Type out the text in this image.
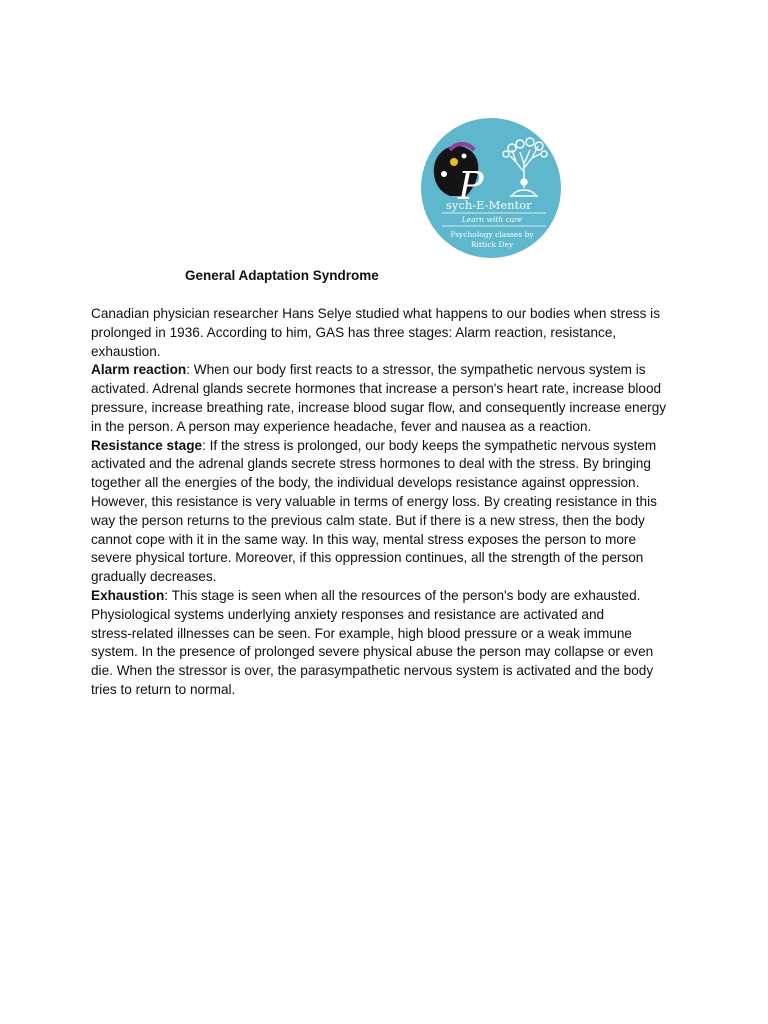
P
sych-E-Mentor
Learn with care
Psychology classes by
Rittick Dey
General Adaptation Syndrome

Canadian physician researcher Hans Selye studied what happens to our bodies when stress is
prolonged in 1936. According to him, GAS has three stages: Alarm reaction, resistance,
exhaustion.

Alarm reaction: When our body first reacts to a stressor, the sympathetic nervous system is
activated. Adrenal glands secrete hormones that increase a person's heart rate, increase blood
pressure, increase breathing rate, increase blood sugar flow, and consequently increase energy
in the person. A person may experience headache, fever and nausea as a reaction.

Resistance stage: If the stress is prolonged, our body keeps the sympathetic nervous system
activated and the adrenal glands secrete stress hormones to deal with the stress. By bringing
together all the energies of the body, the individual develops resistance against oppression.
However, this resistance is very valuable in terms of energy loss. By creating resistance in this
way the person returns to the previous calm state. But if there is a new stress, then the body
cannot cope with it in the same way. In this way, mental stress exposes the person to more
severe physical torture. Moreover, if this oppression continues, all the strength of the person
gradually decreases.

Exhaustion: This stage is seen when all the resources of the person's body are exhausted.
Physiological systems underlying anxiety responses and resistance are activated and
stress-related illnesses can be seen. For example, high blood pressure or a weak immune
system. In the presence of prolonged severe physical abuse the person may collapse or even
die. When the stressor is over, the parasympathetic nervous system is activated and the body
tries to return to normal.
